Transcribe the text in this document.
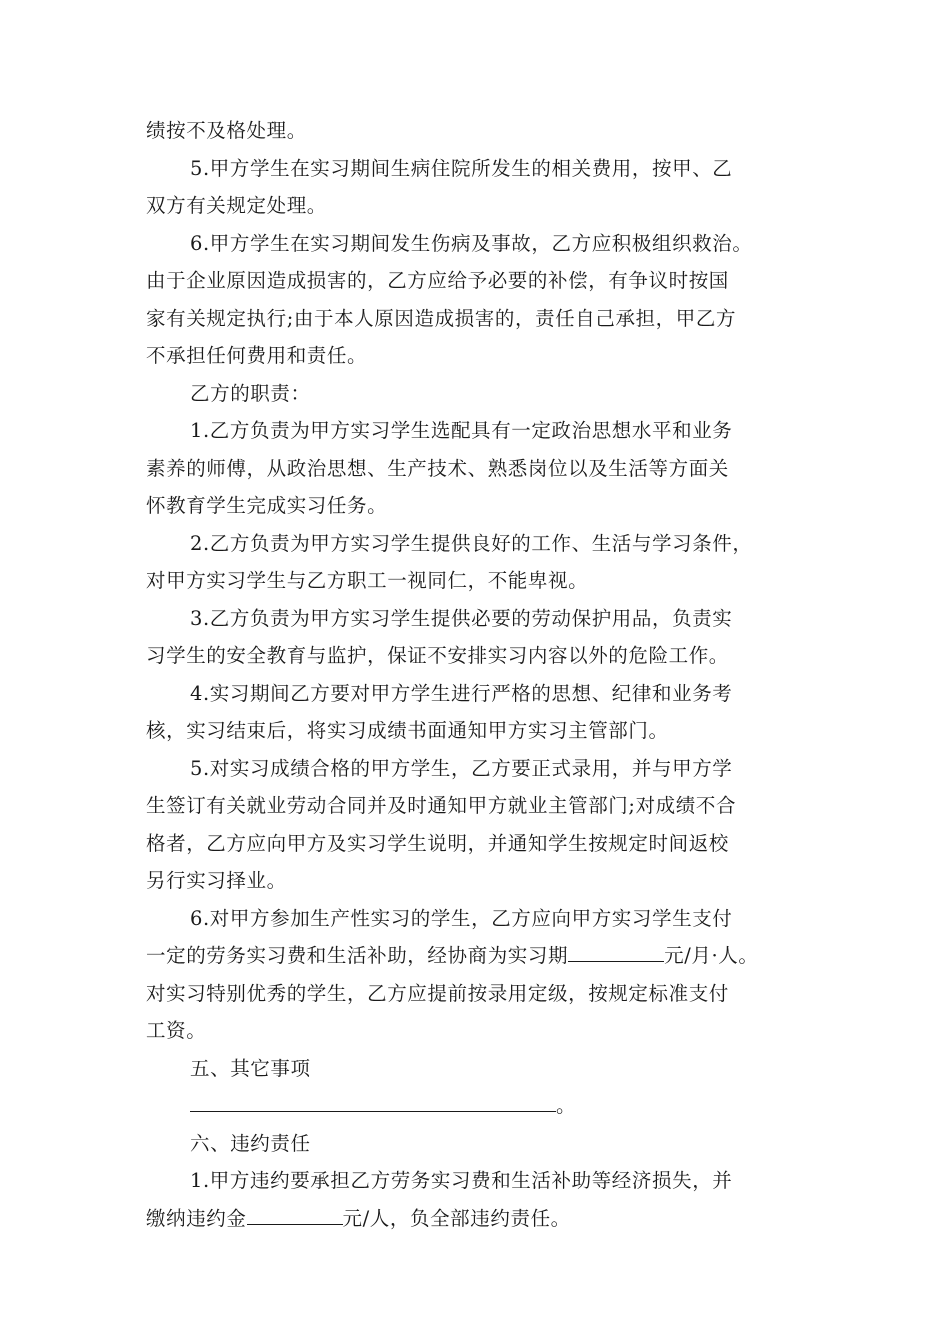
绩按不及格处理。
5.甲方学生在实习期间生病住院所发生的相关费用，按甲、乙
双方有关规定处理。
6.甲方学生在实习期间发生伤病及事故，乙方应积极组织救治。
由于企业原因造成损害的，乙方应给予必要的补偿，有争议时按国
家有关规定执行;由于本人原因造成损害的，责任自己承担，甲乙方
不承担任何费用和责任。
乙方的职责：
1.乙方负责为甲方实习学生选配具有一定政治思想水平和业务
素养的师傅，从政治思想、生产技术、熟悉岗位以及生活等方面关
怀教育学生完成实习任务。
2.乙方负责为甲方实习学生提供良好的工作、生活与学习条件，
对甲方实习学生与乙方职工一视同仁，不能卑视。
3.乙方负责为甲方实习学生提供必要的劳动保护用品，负责实
习学生的安全教育与监护，保证不安排实习内容以外的危险工作。
4.实习期间乙方要对甲方学生进行严格的思想、纪律和业务考
核，实习结束后，将实习成绩书面通知甲方实习主管部门。
5.对实习成绩合格的甲方学生，乙方要正式录用，并与甲方学
生签订有关就业劳动合同并及时通知甲方就业主管部门;对成绩不合
格者，乙方应向甲方及实习学生说明，并通知学生按规定时间返校
另行实习择业。
6.对甲方参加生产性实习的学生，乙方应向甲方实习学生支付
一定的劳务实习费和生活补助，经协商为实习期	元/月·人。
对实习特别优秀的学生，乙方应提前按录用定级，按规定标准支付
工资。
五、其它事项
。
六、违约责任
1.甲方违约要承担乙方劳务实习费和生活补助等经济损失，并
缴纳违约金	元/人，负全部违约责任。
